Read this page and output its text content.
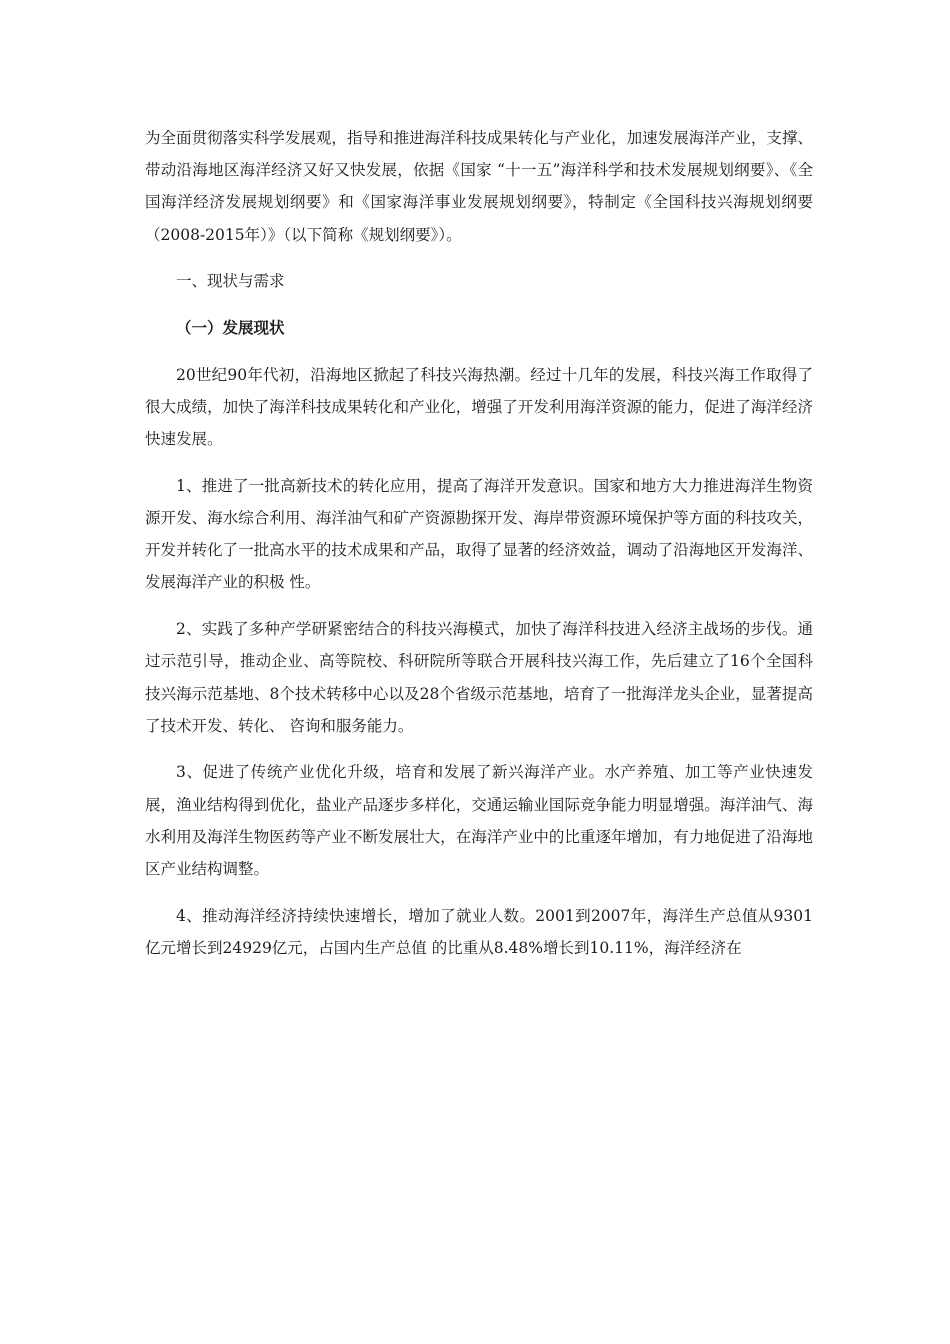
为全面贯彻落实科学发展观，指导和推进海洋科技成果转化与产业化，加速发展海洋产业，支撑、带动沿海地区海洋经济又好又快发展，依据《国家 “十一五”海洋科学和技术发展规划纲要》、《全国海洋经济发展规划纲要》和《国家海洋事业发展规划纲要》，特制定《全国科技兴海规划纲要（2008-2015年）》（以下简称《规划纲要》）。

一、现状与需求

（一）发展现状

20世纪90年代初，沿海地区掀起了科技兴海热潮。经过十几年的发展，科技兴海工作取得了很大成绩，加快了海洋科技成果转化和产业化，增强了开发利用海洋资源的能力，促进了海洋经济快速发展。

1、推进了一批高新技术的转化应用，提高了海洋开发意识。国家和地方大力推进海洋生物资源开发、海水综合利用、海洋油气和矿产资源勘探开发、海岸带资源环境保护等方面的科技攻关，开发并转化了一批高水平的技术成果和产品，取得了显著的经济效益，调动了沿海地区开发海洋、发展海洋产业的积极 性。

2、实践了多种产学研紧密结合的科技兴海模式，加快了海洋科技进入经济主战场的步伐。通过示范引导，推动企业、高等院校、科研院所等联合开展科技兴海工作，先后建立了16个全国科技兴海示范基地、8个技术转移中心以及28个省级示范基地，培育了一批海洋龙头企业，显著提高了技术开发、转化、 咨询和服务能力。

3、促进了传统产业优化升级，培育和发展了新兴海洋产业。水产养殖、加工等产业快速发展，渔业结构得到优化，盐业产品逐步多样化，交通运输业国际竞争能力明显增强。海洋油气、海水利用及海洋生物医药等产业不断发展壮大，在海洋产业中的比重逐年增加，有力地促进了沿海地区产业结构调整。

4、推动海洋经济持续快速增长，增加了就业人数。2001到2007年，海洋生产总值从9301亿元增长到24929亿元，占国内生产总值 的比重从8.48%增长到10.11%，海洋经济在
